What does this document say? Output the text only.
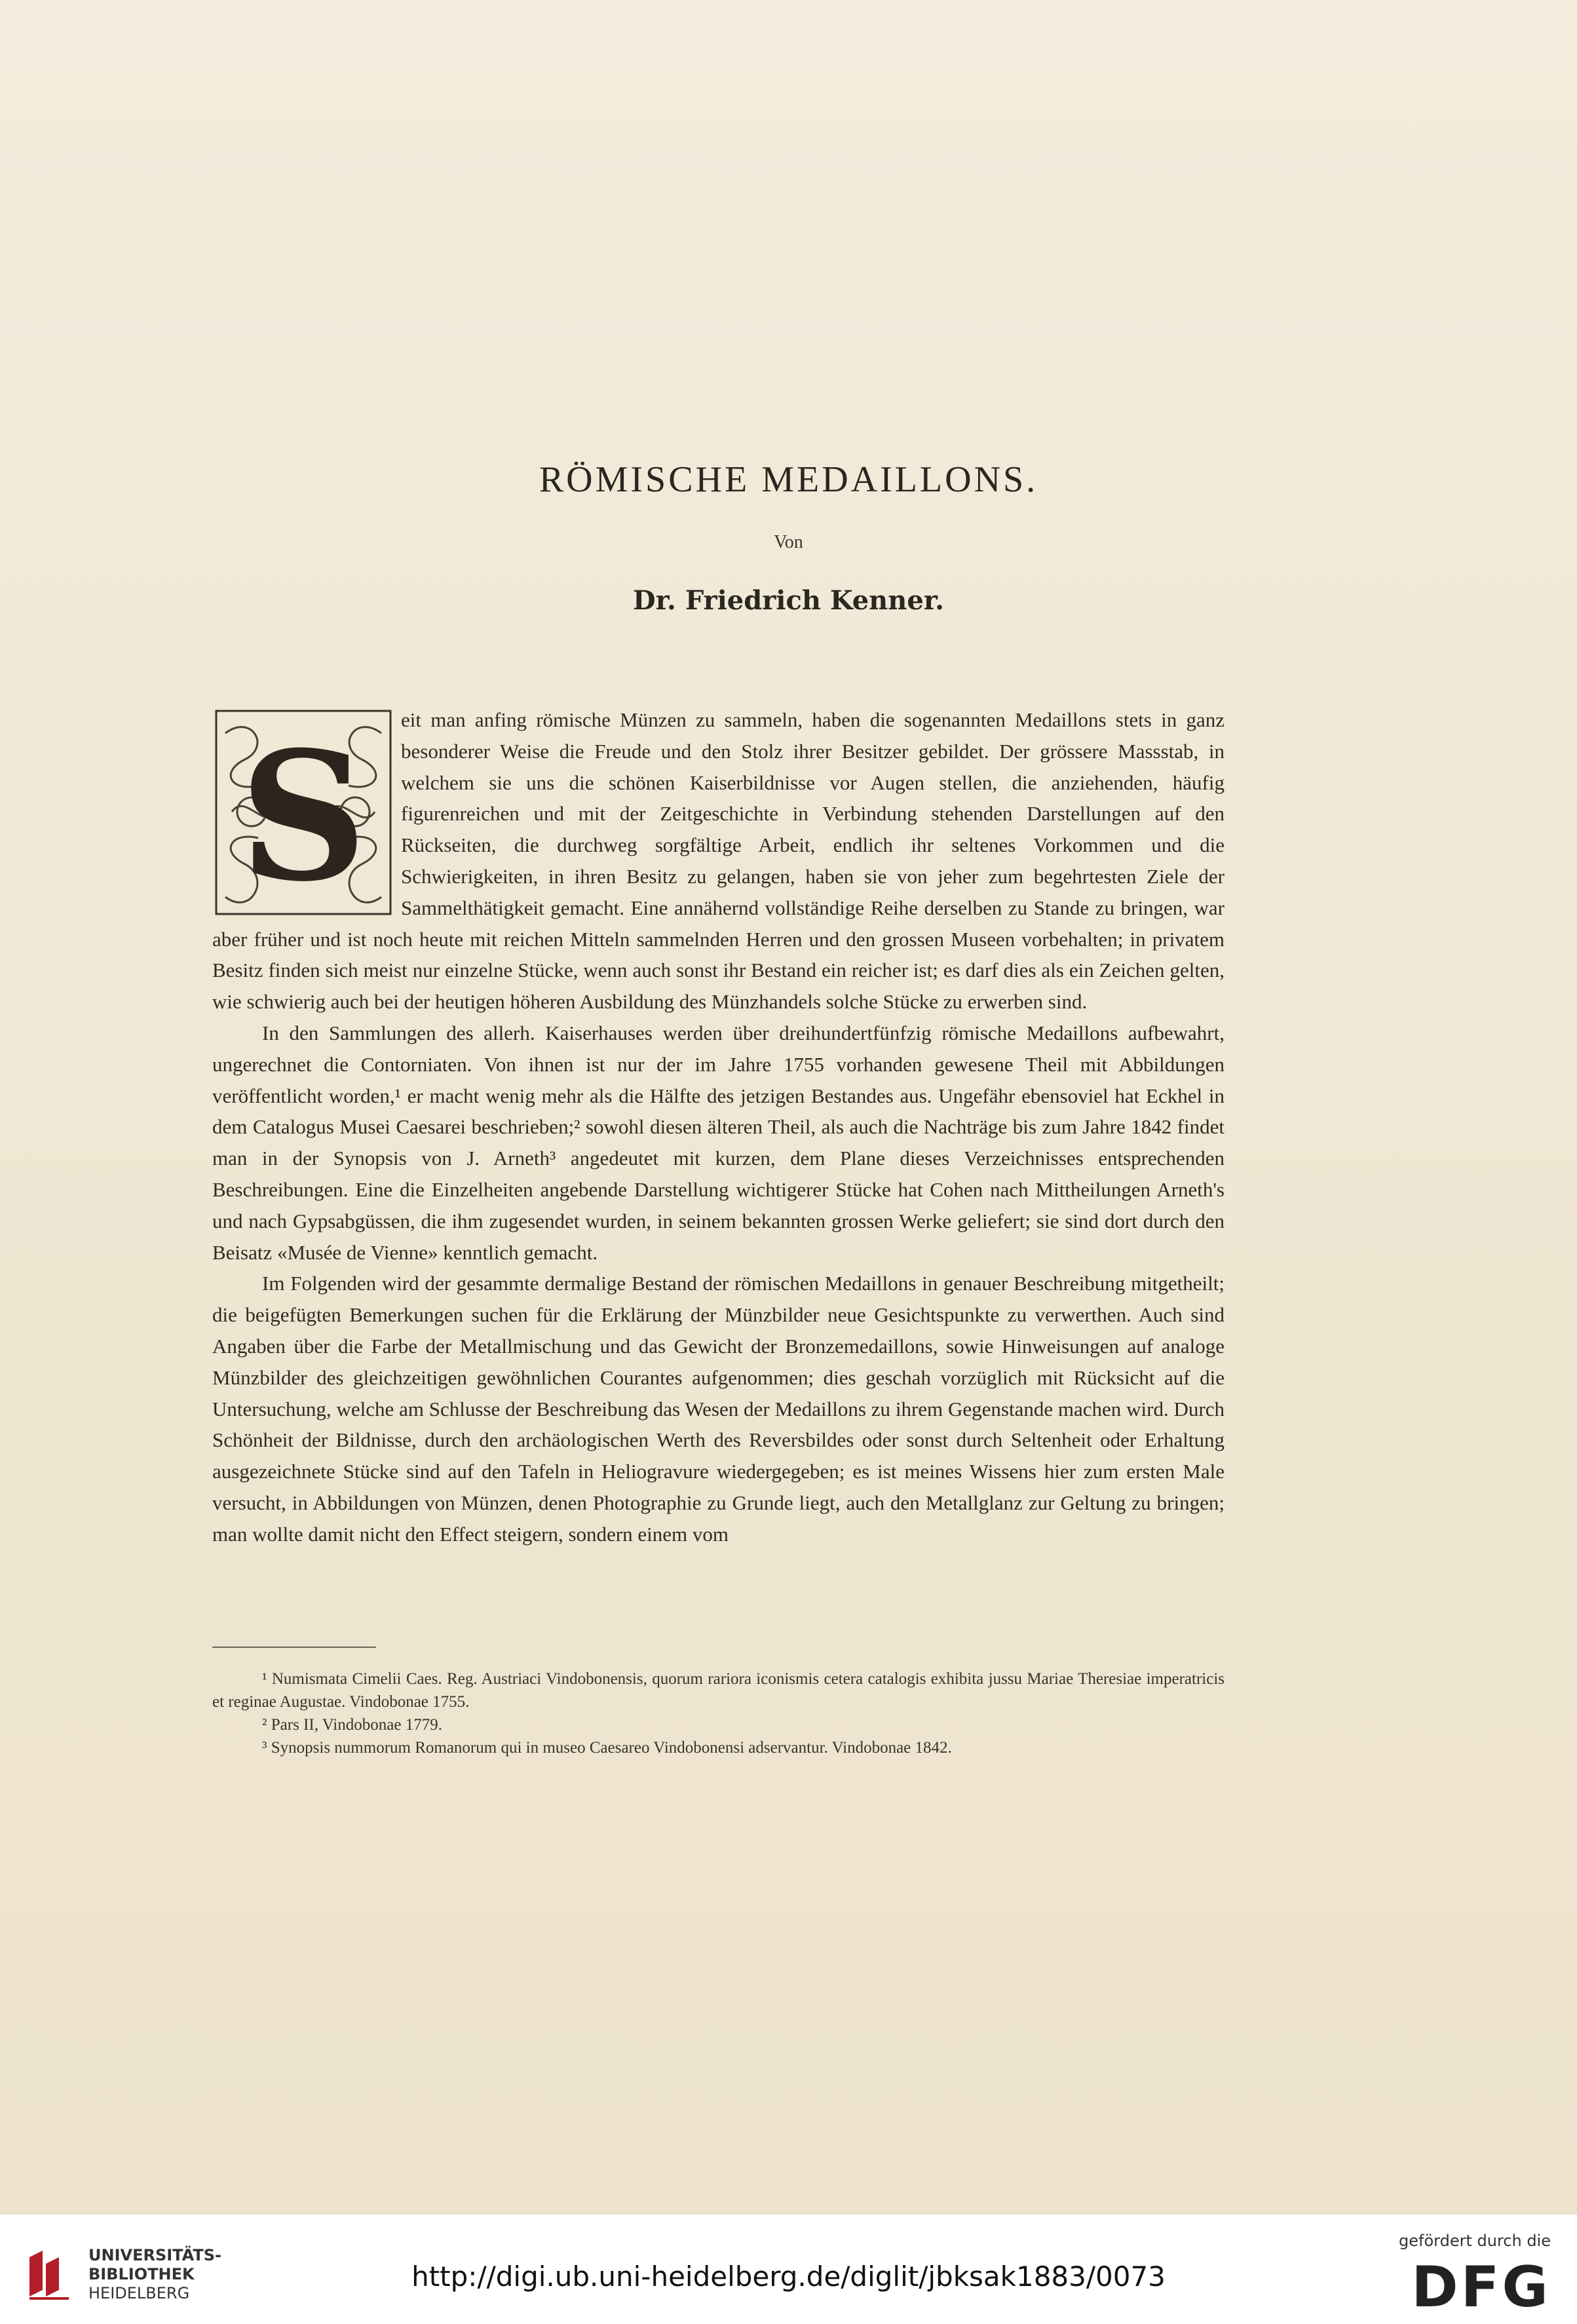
RÖMISCHE MEDAILLONS.
Von
Dr. Friedrich Kenner.

S eit man anfing römische Münzen zu sammeln, haben die sogenannten Medaillons stets in ganz besonderer Weise die Freude und den Stolz ihrer Besitzer gebildet. Der grössere Massstab, in welchem sie uns die schönen Kaiserbildnisse vor Augen stellen, die anziehenden, häufig figurenreichen und mit der Zeitgeschichte in Verbindung stehenden Darstellungen auf den Rückseiten, die durchweg sorgfältige Arbeit, endlich ihr seltenes Vorkommen und die Schwierigkeiten, in ihren Besitz zu gelangen, haben sie von jeher zum begehrtesten Ziele der Sammelthätigkeit gemacht. Eine annähernd vollständige Reihe derselben zu Stande zu bringen, war aber früher und ist noch heute mit reichen Mitteln sammelnden Herren und den grossen Museen vorbehalten; in privatem Besitz finden sich meist nur einzelne Stücke, wenn auch sonst ihr Bestand ein reicher ist; es darf dies als ein Zeichen gelten, wie schwierig auch bei der heutigen höheren Ausbildung des Münzhandels solche Stücke zu erwerben sind.

In den Sammlungen des allerh. Kaiserhauses werden über dreihundertfünfzig römische Medaillons aufbewahrt, ungerechnet die Contorniaten. Von ihnen ist nur der im Jahre 1755 vorhanden gewesene Theil mit Abbildungen veröffentlicht worden,¹ er macht wenig mehr als die Hälfte des jetzigen Bestandes aus. Ungefähr ebensoviel hat Eckhel in dem Catalogus Musei Caesarei beschrieben;² sowohl diesen älteren Theil, als auch die Nachträge bis zum Jahre 1842 findet man in der Synopsis von J. Arneth³ angedeutet mit kurzen, dem Plane dieses Verzeichnisses entsprechenden Beschreibungen. Eine die Einzelheiten angebende Darstellung wichtigerer Stücke hat Cohen nach Mittheilungen Arneth's und nach Gypsabgüssen, die ihm zugesendet wurden, in seinem bekannten grossen Werke geliefert; sie sind dort durch den Beisatz «Musée de Vienne» kenntlich gemacht.

Im Folgenden wird der gesammte dermalige Bestand der römischen Medaillons in genauer Beschreibung mitgetheilt; die beigefügten Bemerkungen suchen für die Erklärung der Münzbilder neue Gesichtspunkte zu verwerthen. Auch sind Angaben über die Farbe der Metallmischung und das Gewicht der Bronzemedaillons, sowie Hinweisungen auf analoge Münzbilder des gleichzeitigen gewöhnlichen Courantes aufgenommen; dies geschah vorzüglich mit Rücksicht auf die Untersuchung, welche am Schlusse der Beschreibung das Wesen der Medaillons zu ihrem Gegenstande machen wird. Durch Schönheit der Bildnisse, durch den archäologischen Werth des Reversbildes oder sonst durch Seltenheit oder Erhaltung ausgezeichnete Stücke sind auf den Tafeln in Heliogravure wiedergegeben; es ist meines Wissens hier zum ersten Male versucht, in Abbildungen von Münzen, denen Photographie zu Grunde liegt, auch den Metallglanz zur Geltung zu bringen; man wollte damit nicht den Effect steigern, sondern einem vom

¹ Numismata Cimelii Caes. Reg. Austriaci Vindobonensis, quorum rariora iconismis cetera catalogis exhibita jussu Mariae Theresiae imperatricis et reginae Augustae. Vindobonae 1755.

² Pars II, Vindobonae 1779.

³ Synopsis nummorum Romanorum qui in museo Caesareo Vindobonensi adservantur. Vindobonae 1842.

UNIVERSITÄTS-
BIBLIOTHEK
HEIDELBERG
http://digi.ub.uni-heidelberg.de/diglit/jbksak1883/0073
gefördert durch die
DFG
